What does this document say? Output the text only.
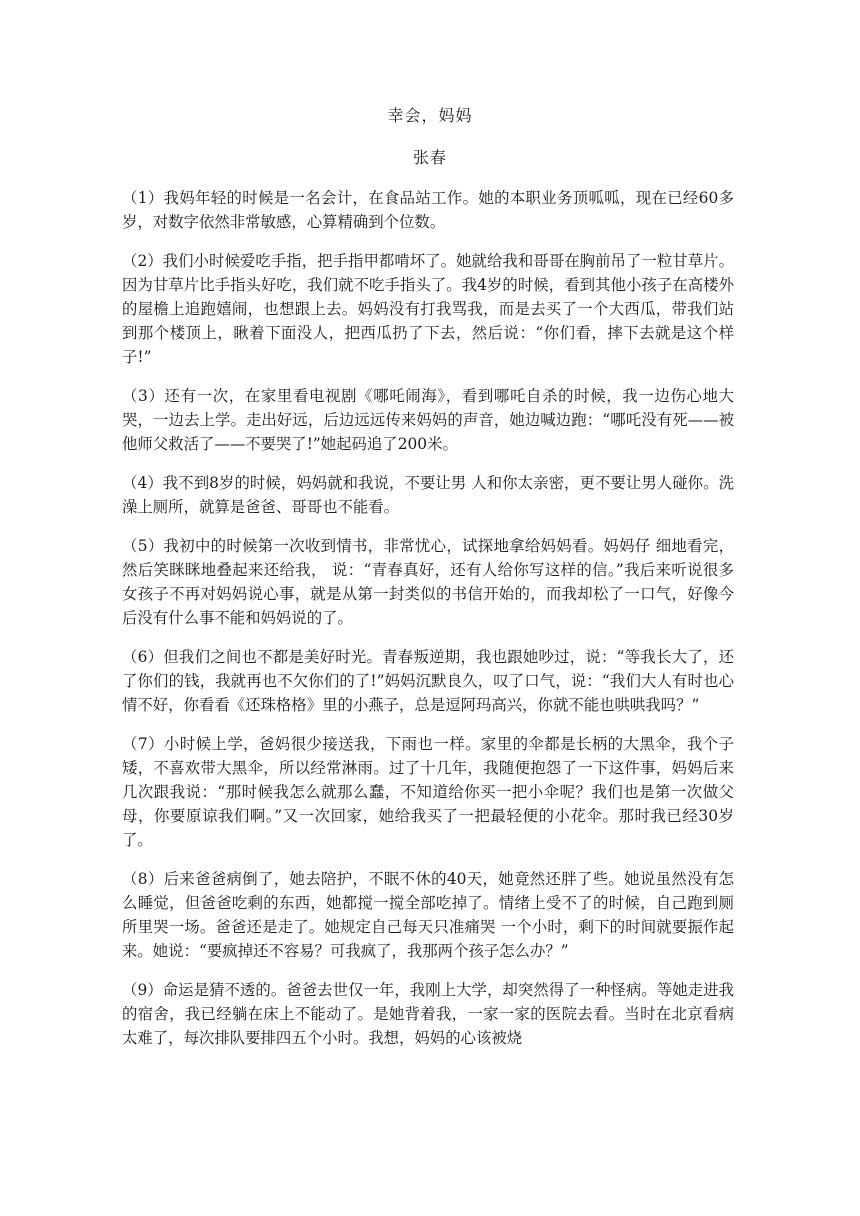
幸会，妈妈
张春

（1）我妈年轻的时候是一名会计，在食品站工作。她的本职业务顶呱呱，现在已经60多岁，对数字依然非常敏感，心算精确到个位数。

（2）我们小时候爱吃手指，把手指甲都啃坏了。她就给我和哥哥在胸前吊了一粒甘草片。因为甘草片比手指头好吃，我们就不吃手指头了。我4岁的时候，看到其他小孩子在高楼外的屋檐上追跑嬉闹，也想跟上去。妈妈没有打我骂我，而是去买了一个大西瓜，带我们站到那个楼顶上，瞅着下面没人，把西瓜扔了下去，然后说：“你们看，摔下去就是这个样子!”

（3）还有一次，在家里看电视剧《哪吒闹海》，看到哪吒自杀的时候，我一边伤心地大哭，一边去上学。走出好远，后边远远传来妈妈的声音，她边喊边跑：“哪吒没有死——被他师父救活了——不要哭了!”她起码追了200米。

（4）我不到8岁的时候，妈妈就和我说，不要让男 人和你太亲密，更不要让男人碰你。洗澡上厕所，就算是爸爸、哥哥也不能看。

（5）我初中的时候第一次收到情书，非常忧心，试探地拿给妈妈看。妈妈仔 细地看完，然后笑眯眯地叠起来还给我， 说：“青春真好，还有人给你写这样的信。”我后来听说很多女孩子不再对妈妈说心事，就是从第一封类似的书信开始的，而我却松了一口气，好像今后没有什么事不能和妈妈说的了。

（6）但我们之间也不都是美好时光。青春叛逆期，我也跟她吵过，说：“等我长大了，还了你们的钱，我就再也不欠你们的了!”妈妈沉默良久，叹了口气，说：“我们大人有时也心情不好，你看看《还珠格格》里的小燕子，总是逗阿玛高兴，你就不能也哄哄我吗？”

（7）小时候上学，爸妈很少接送我，下雨也一样。家里的伞都是长柄的大黑伞，我个子矮，不喜欢带大黑伞，所以经常淋雨。过了十几年，我随便抱怨了一下这件事，妈妈后来几次跟我说：“那时候我怎么就那么蠢，不知道给你买一把小伞呢？我们也是第一次做父母，你要原谅我们啊。”又一次回家，她给我买了一把最轻便的小花伞。那时我已经30岁了。

（8）后来爸爸病倒了，她去陪护，不眠不休的40天，她竟然还胖了些。她说虽然没有怎么睡觉，但爸爸吃剩的东西，她都搅一搅全部吃掉了。情绪上受不了的时候，自己跑到厕所里哭一场。爸爸还是走了。她规定自己每天只准痛哭 一个小时，剩下的时间就要振作起来。她说：“要疯掉还不容易？可我疯了，我那两个孩子怎么办？”

（9）命运是猜不透的。爸爸去世仅一年，我刚上大学，却突然得了一种怪病。等她走进我的宿舍，我已经躺在床上不能动了。是她背着我，一家一家的医院去看。当时在北京看病太难了，每次排队要排四五个小时。我想，妈妈的心该被烧
